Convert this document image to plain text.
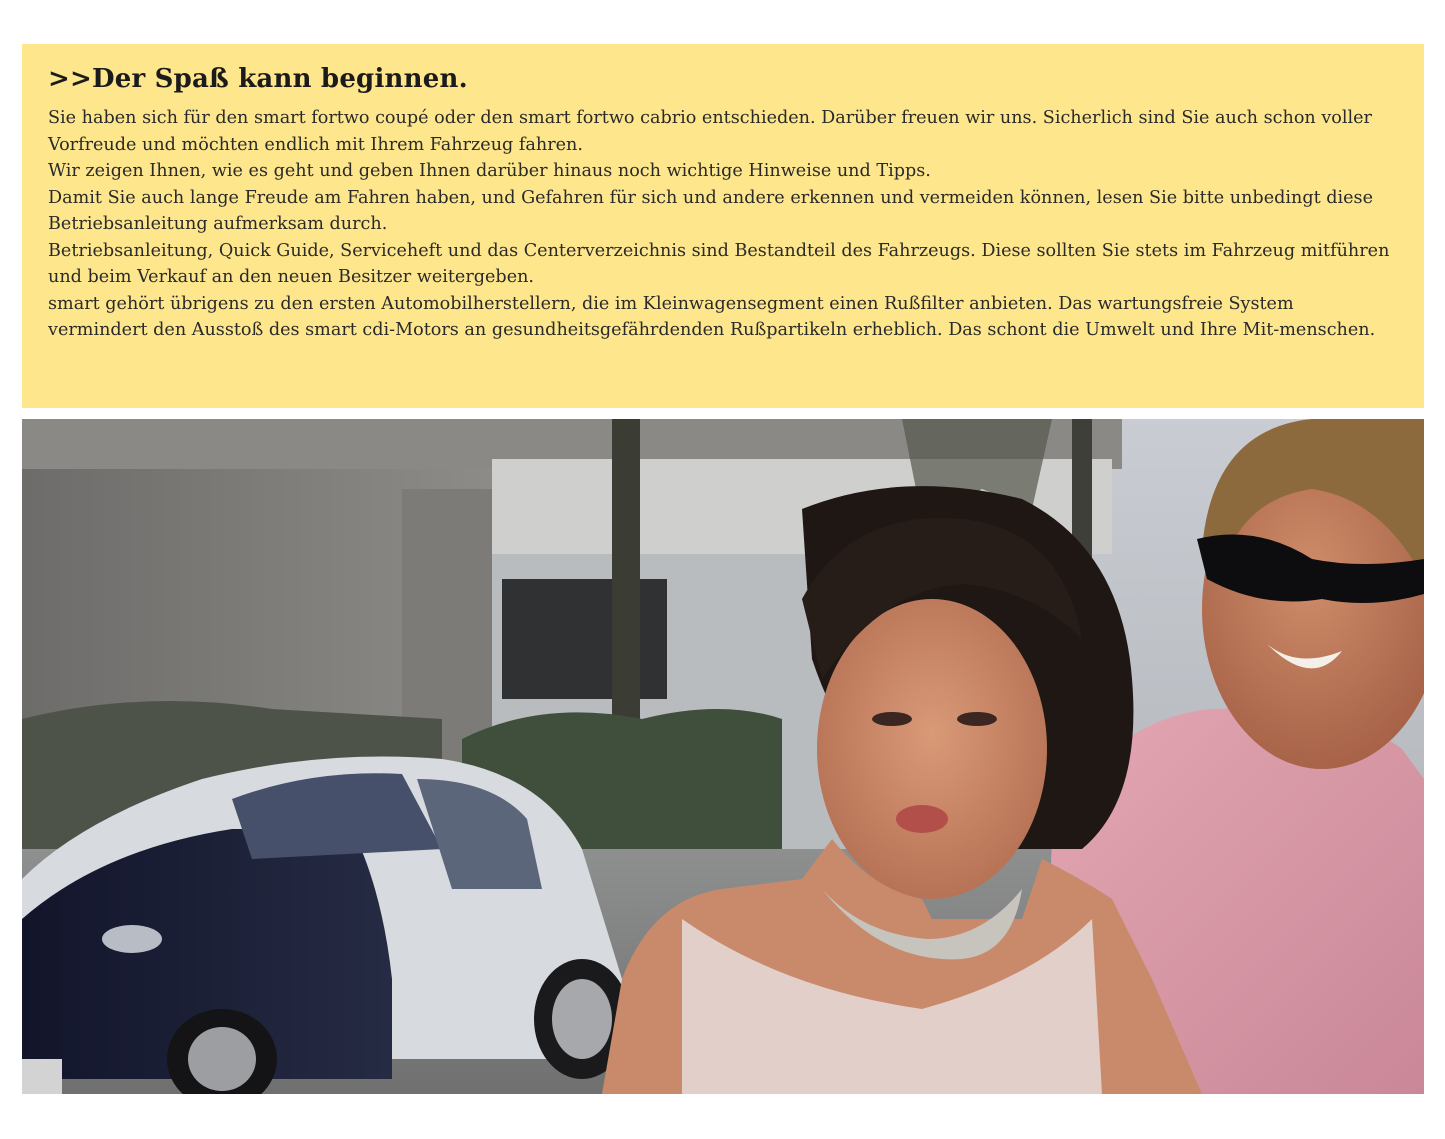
>>Der Spaß kann beginnen.

Sie haben sich für den smart fortwo coupé oder den smart fortwo cabrio entschieden. Darüber freuen wir uns. Sicherlich sind Sie auch schon voller Vorfreude und möchten endlich mit Ihrem Fahrzeug fahren.

Wir zeigen Ihnen, wie es geht und geben Ihnen darüber hinaus noch wichtige Hinweise und Tipps.

Damit Sie auch lange Freude am Fahren haben, und Gefahren für sich und andere erkennen und vermeiden können, lesen Sie bitte unbedingt diese Betriebsanleitung aufmerksam durch.

Betriebsanleitung, Quick Guide, Serviceheft und das Centerverzeichnis sind Bestandteil des Fahrzeugs. Diese sollten Sie stets im Fahrzeug mitführen und beim Verkauf an den neuen Besitzer weitergeben.

smart gehört übrigens zu den ersten Automobilherstellern, die im Kleinwagensegment einen Rußfilter anbieten. Das wartungsfreie System vermindert den Ausstoß des smart cdi-Motors an gesundheitsgefährdenden Rußpartikeln erheblich. Das schont die Umwelt und Ihre Mit-menschen.
